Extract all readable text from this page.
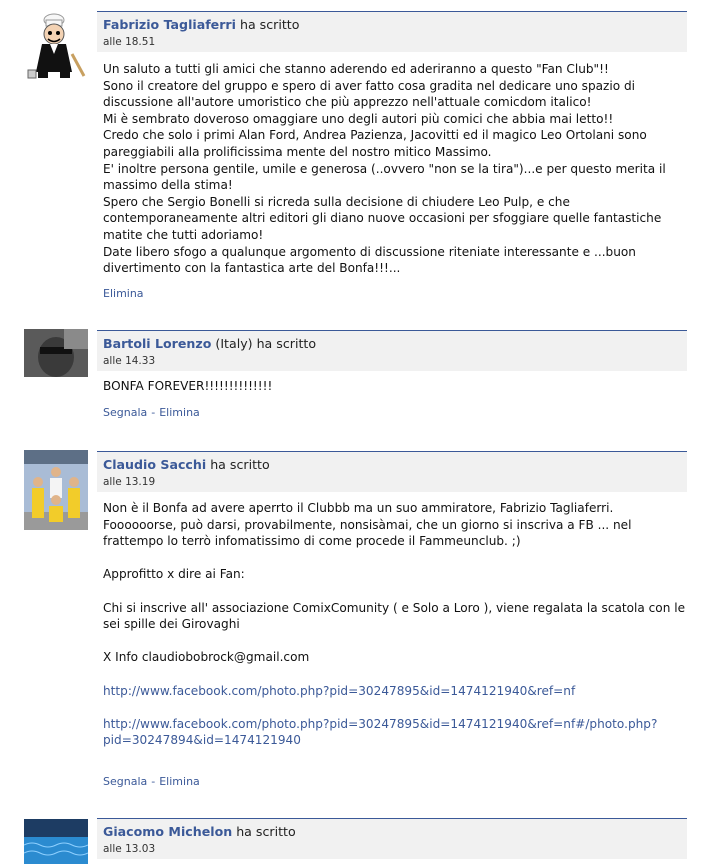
Fabrizio Tagliaferri ha scritto
alle 18.51

Un saluto a tutti gli amici che stanno aderendo ed aderiranno a questo "Fan Club"!!

Sono il creatore del gruppo e spero di aver fatto cosa gradita nel dedicare uno spazio di

discussione all'autore umoristico che più apprezzo nell'attuale comicdom italico!

Mi è sembrato doveroso omaggiare uno degli autori più comici che abbia mai letto!!

Credo che solo i primi Alan Ford, Andrea Pazienza, Jacovitti ed il magico Leo Ortolani sono

pareggiabili alla prolificissima mente del nostro mitico Massimo.

E' inoltre persona gentile, umile e generosa (..ovvero "non se la tira")...e per questo merita il

massimo della stima!

Spero che Sergio Bonelli si ricreda sulla decisione di chiudere Leo Pulp, e che

contemporaneamente altri editori gli diano nuove occasioni per sfoggiare quelle fantastiche

matite che tutti adoriamo!

Date libero sfogo a qualunque argomento di discussione riteniate interessante e ...buon

divertimento con la fantastica arte del Bonfa!!!...

Elimina
Bartoli Lorenzo (Italy) ha scritto
alle 14.33

BONFA FOREVER!!!!!!!!!!!!!!

Segnala - Elimina
Claudio Sacchi ha scritto
alle 13.19

Non è il Bonfa ad avere aperrto il Clubbb ma un suo ammiratore, Fabrizio Tagliaferri.

Foooooorse, può darsi, provabilmente, nonsisàmai, che un giorno si inscriva a FB ... nel

frattempo lo terrò infomatissimo di come procede il Fammeunclub. ;)

Approfitto x dire ai Fan:

Chi si inscrive all' associazione ComixComunity ( e Solo a Loro ), viene regalata la scatola con le

sei spille dei Girovaghi

X Info claudiobobrock@gmail.com

http://www.facebook.com/photo.php?pid=30247895&id=1474121940&ref=nf

http://www.facebook.com/photo.php?pid=30247895&id=1474121940&ref=nf#/photo.php?

pid=30247894&id=1474121940

Segnala - Elimina
Giacomo Michelon ha scritto
alle 13.03
